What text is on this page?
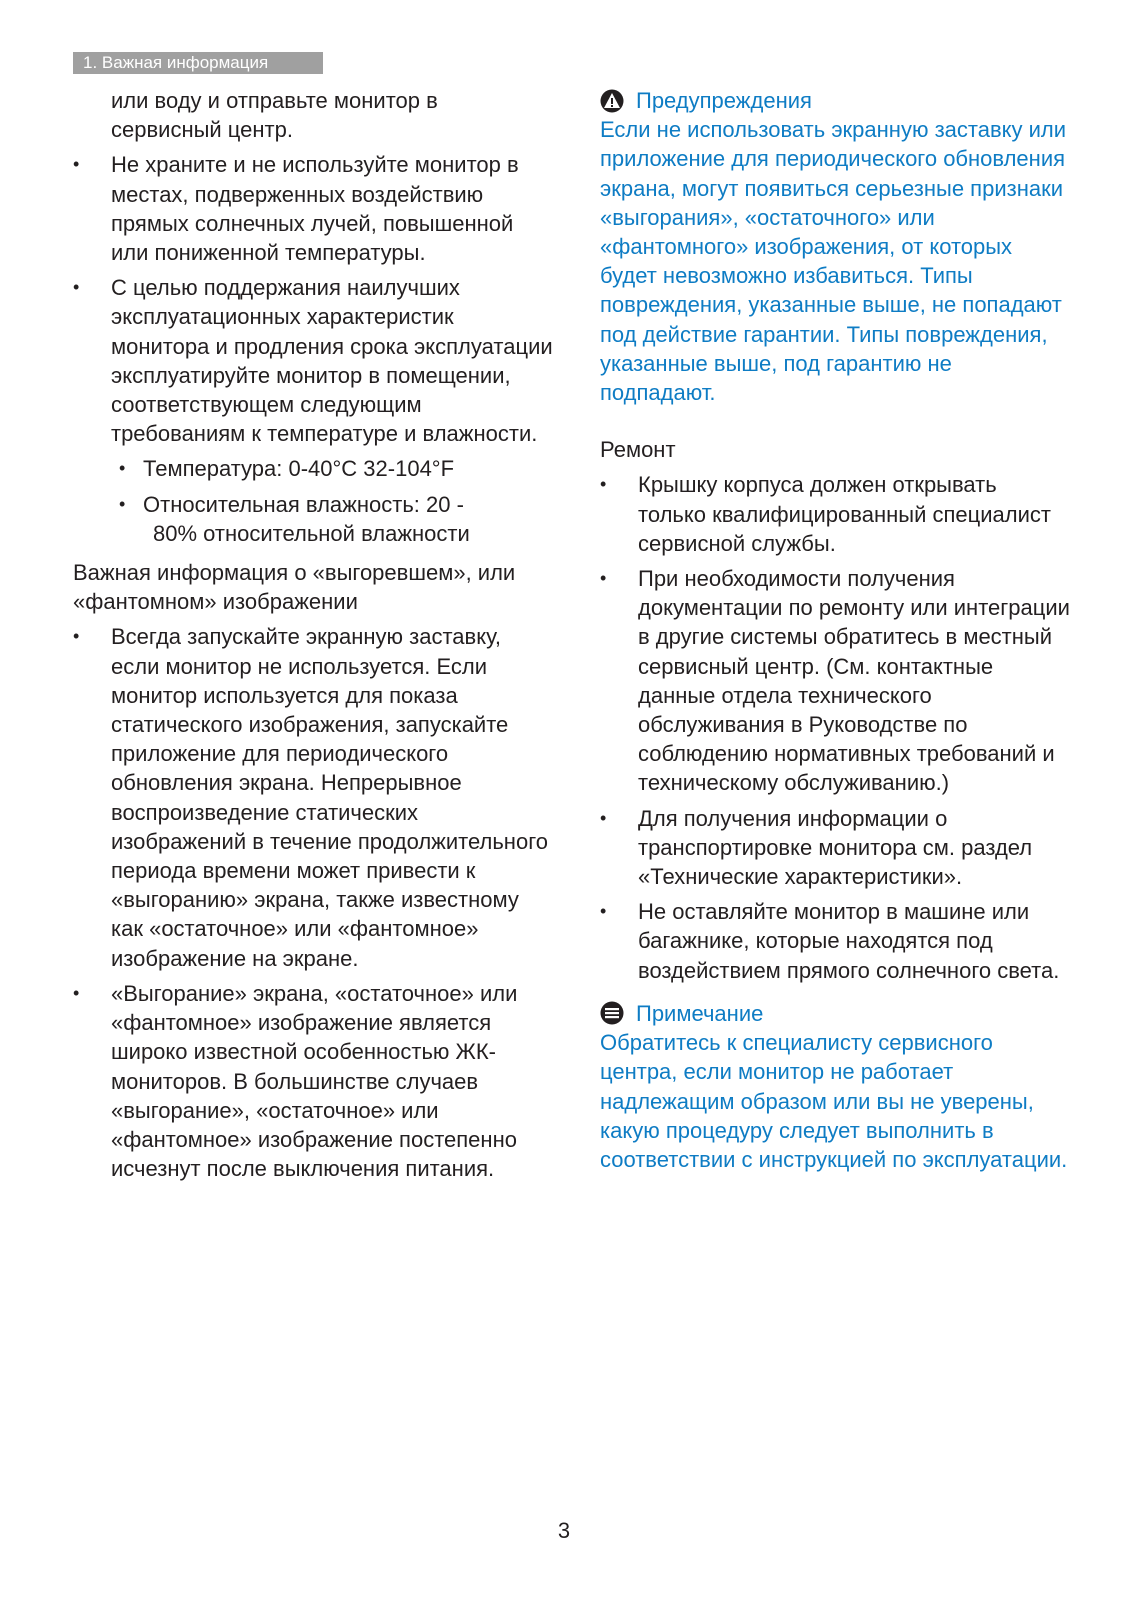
1. Важная информация

или воду и отправьте монитор в сервисный центр.

• Не храните и не используйте монитор в местах, подверженных воздействию прямых солнечных лучей, повышенной или пониженной температуры.
• С целью поддержания наилучших эксплуатационных характеристик монитора и продления срока эксплуатации эксплуатируйте монитор в помещении, соответствующем следующим требованиям к температуре и влажности.
• Температура: 0-40°C 32-104°F
• Относительная влажность: 20 -
80% относительной влажности

Важная информация о «выгоревшем», или «фантомном» изображении

• Всегда запускайте экранную заставку, если монитор не используется. Если монитор используется для показа статического изображения, запускайте приложение для периодического обновления экрана. Непрерывное воспроизведение статических изображений в течение продолжительного периода времени может привести к «выгоранию» экрана, также известному как «остаточное» или «фантомное» изображение на экране.
• «Выгорание» экрана, «остаточное» или «фантомное» изображение является широко известной особенностью ЖК-мониторов. В большинстве случаев «выгорание», «остаточное» или «фантомное» изображение постепенно исчезнут после выключения питания.
Предупреждения

Если не использовать экранную заставку или приложение для периодического обновления экрана, могут появиться серьезные признаки «выгорания», «остаточного» или «фантомного» изображения, от которых будет невозможно избавиться. Типы повреждения, указанные выше, не попадают под действие гарантии. Типы повреждения, указанные выше, под гарантию не подпадают.

Ремонт

• Крышку корпуса должен открывать только квалифицированный специалист сервисной службы.
• При необходимости получения документации по ремонту или интеграции в другие системы обратитесь в местный сервисный центр. (См. контактные данные отдела технического обслуживания в Руководстве по соблюдению нормативных требований и техническому обслуживанию.)
• Для получения информации о транспортировке монитора см. раздел «Технические характеристики».
• Не оставляйте монитор в машине или багажнике, которые находятся под воздействием прямого солнечного света.
Примечание

Обратитесь к специалисту сервисного центра, если монитор не работает надлежащим образом или вы не уверены, какую процедуру следует выполнить в соответствии с инструкцией по эксплуатации.

3
